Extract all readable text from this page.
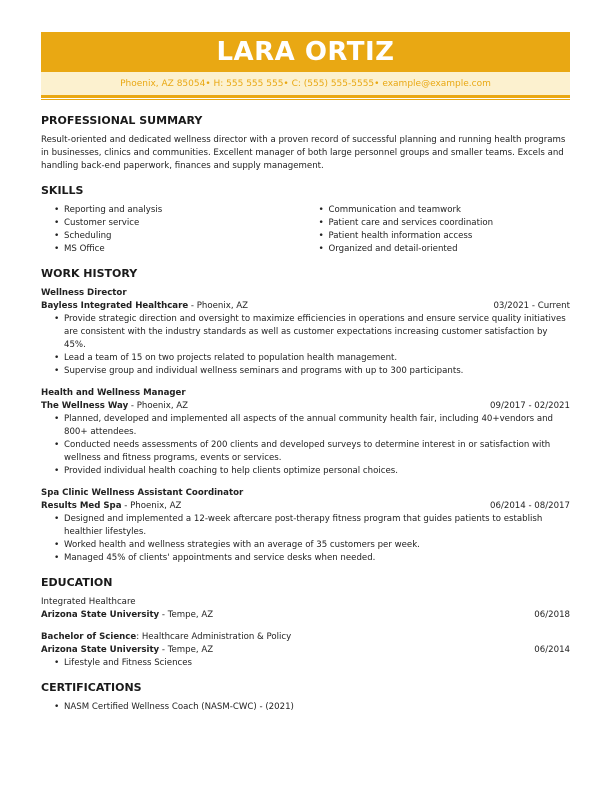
LARA ORTIZ
Phoenix, AZ 85054• H: 555 555 555• C: (555) 555-5555• example@example.com
PROFESSIONAL SUMMARY

Result-oriented and dedicated wellness director with a proven record of successful planning and running health programs in businesses, clinics and communities. Excellent manager of both large personnel groups and smaller teams. Excels and handling back-end paperwork, finances and supply management.

SKILLS
• Reporting and analysis
• Customer service
• Scheduling
• MS Office
• Communication and teamwork
• Patient care and services coordination
• Patient health information access
• Organized and detail-oriented
WORK HISTORY
Wellness Director
Bayless Integrated Healthcare - Phoenix, AZ	03/2021 - Current
• Provide strategic direction and oversight to maximize efficiencies in operations and ensure service quality initiatives are consistent with the industry standards as well as customer expectations increasing customer satisfaction by 45%.
• Lead a team of 15 on two projects related to population health management.
• Supervise group and individual wellness seminars and programs with up to 300 participants.
Health and Wellness Manager
The Wellness Way - Phoenix, AZ	09/2017 - 02/2021
• Planned, developed and implemented all aspects of the annual community health fair, including 40+vendors and 800+ attendees.
• Conducted needs assessments of 200 clients and developed surveys to determine interest in or satisfaction with wellness and fitness programs, events or services.
• Provided individual health coaching to help clients optimize personal choices.
Spa Clinic Wellness Assistant Coordinator
Results Med Spa - Phoenix, AZ	06/2014 - 08/2017
• Designed and implemented a 12-week aftercare post-therapy fitness program that guides patients to establish healthier lifestyles.
• Worked health and wellness strategies with an average of 35 customers per week.
• Managed 45% of clients' appointments and service desks when needed.
EDUCATION
Integrated Healthcare
Arizona State University - Tempe, AZ	06/2018
Bachelor of Science: Healthcare Administration & Policy
Arizona State University - Tempe, AZ	06/2014
• Lifestyle and Fitness Sciences
CERTIFICATIONS
• NASM Certified Wellness Coach (NASM-CWC) - (2021)
